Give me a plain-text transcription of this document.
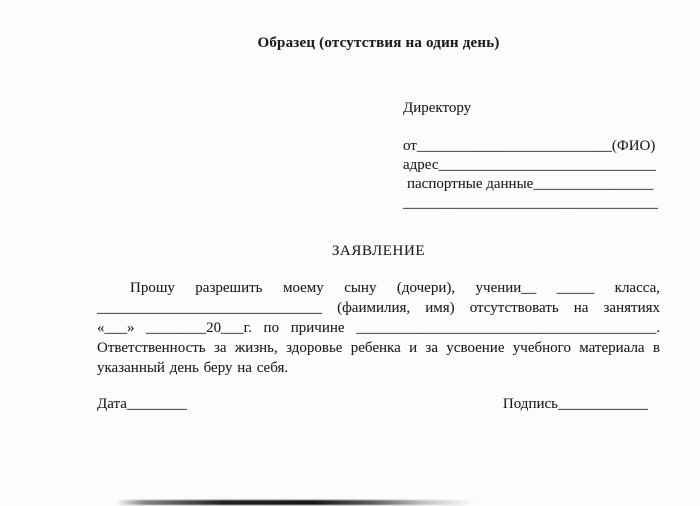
Образец (отсутствия на один день)
Директору
от__________________________(ФИО)
адрес_____________________________
паспортные данные________________
__________________________________
ЗАЯВЛЕНИЕ
Прошу разрешить моему сыну (дочери), учении__ _____ класса,
______________________________ (фаимилия, имя) отсутствовать на занятиях
«___» ________20___г. по причине ________________________________________.
Ответственность за жизнь, здоровье ребенка и за усвоение учебного материала в
указанный день беру на себя.
Дата________	Подпись____________
